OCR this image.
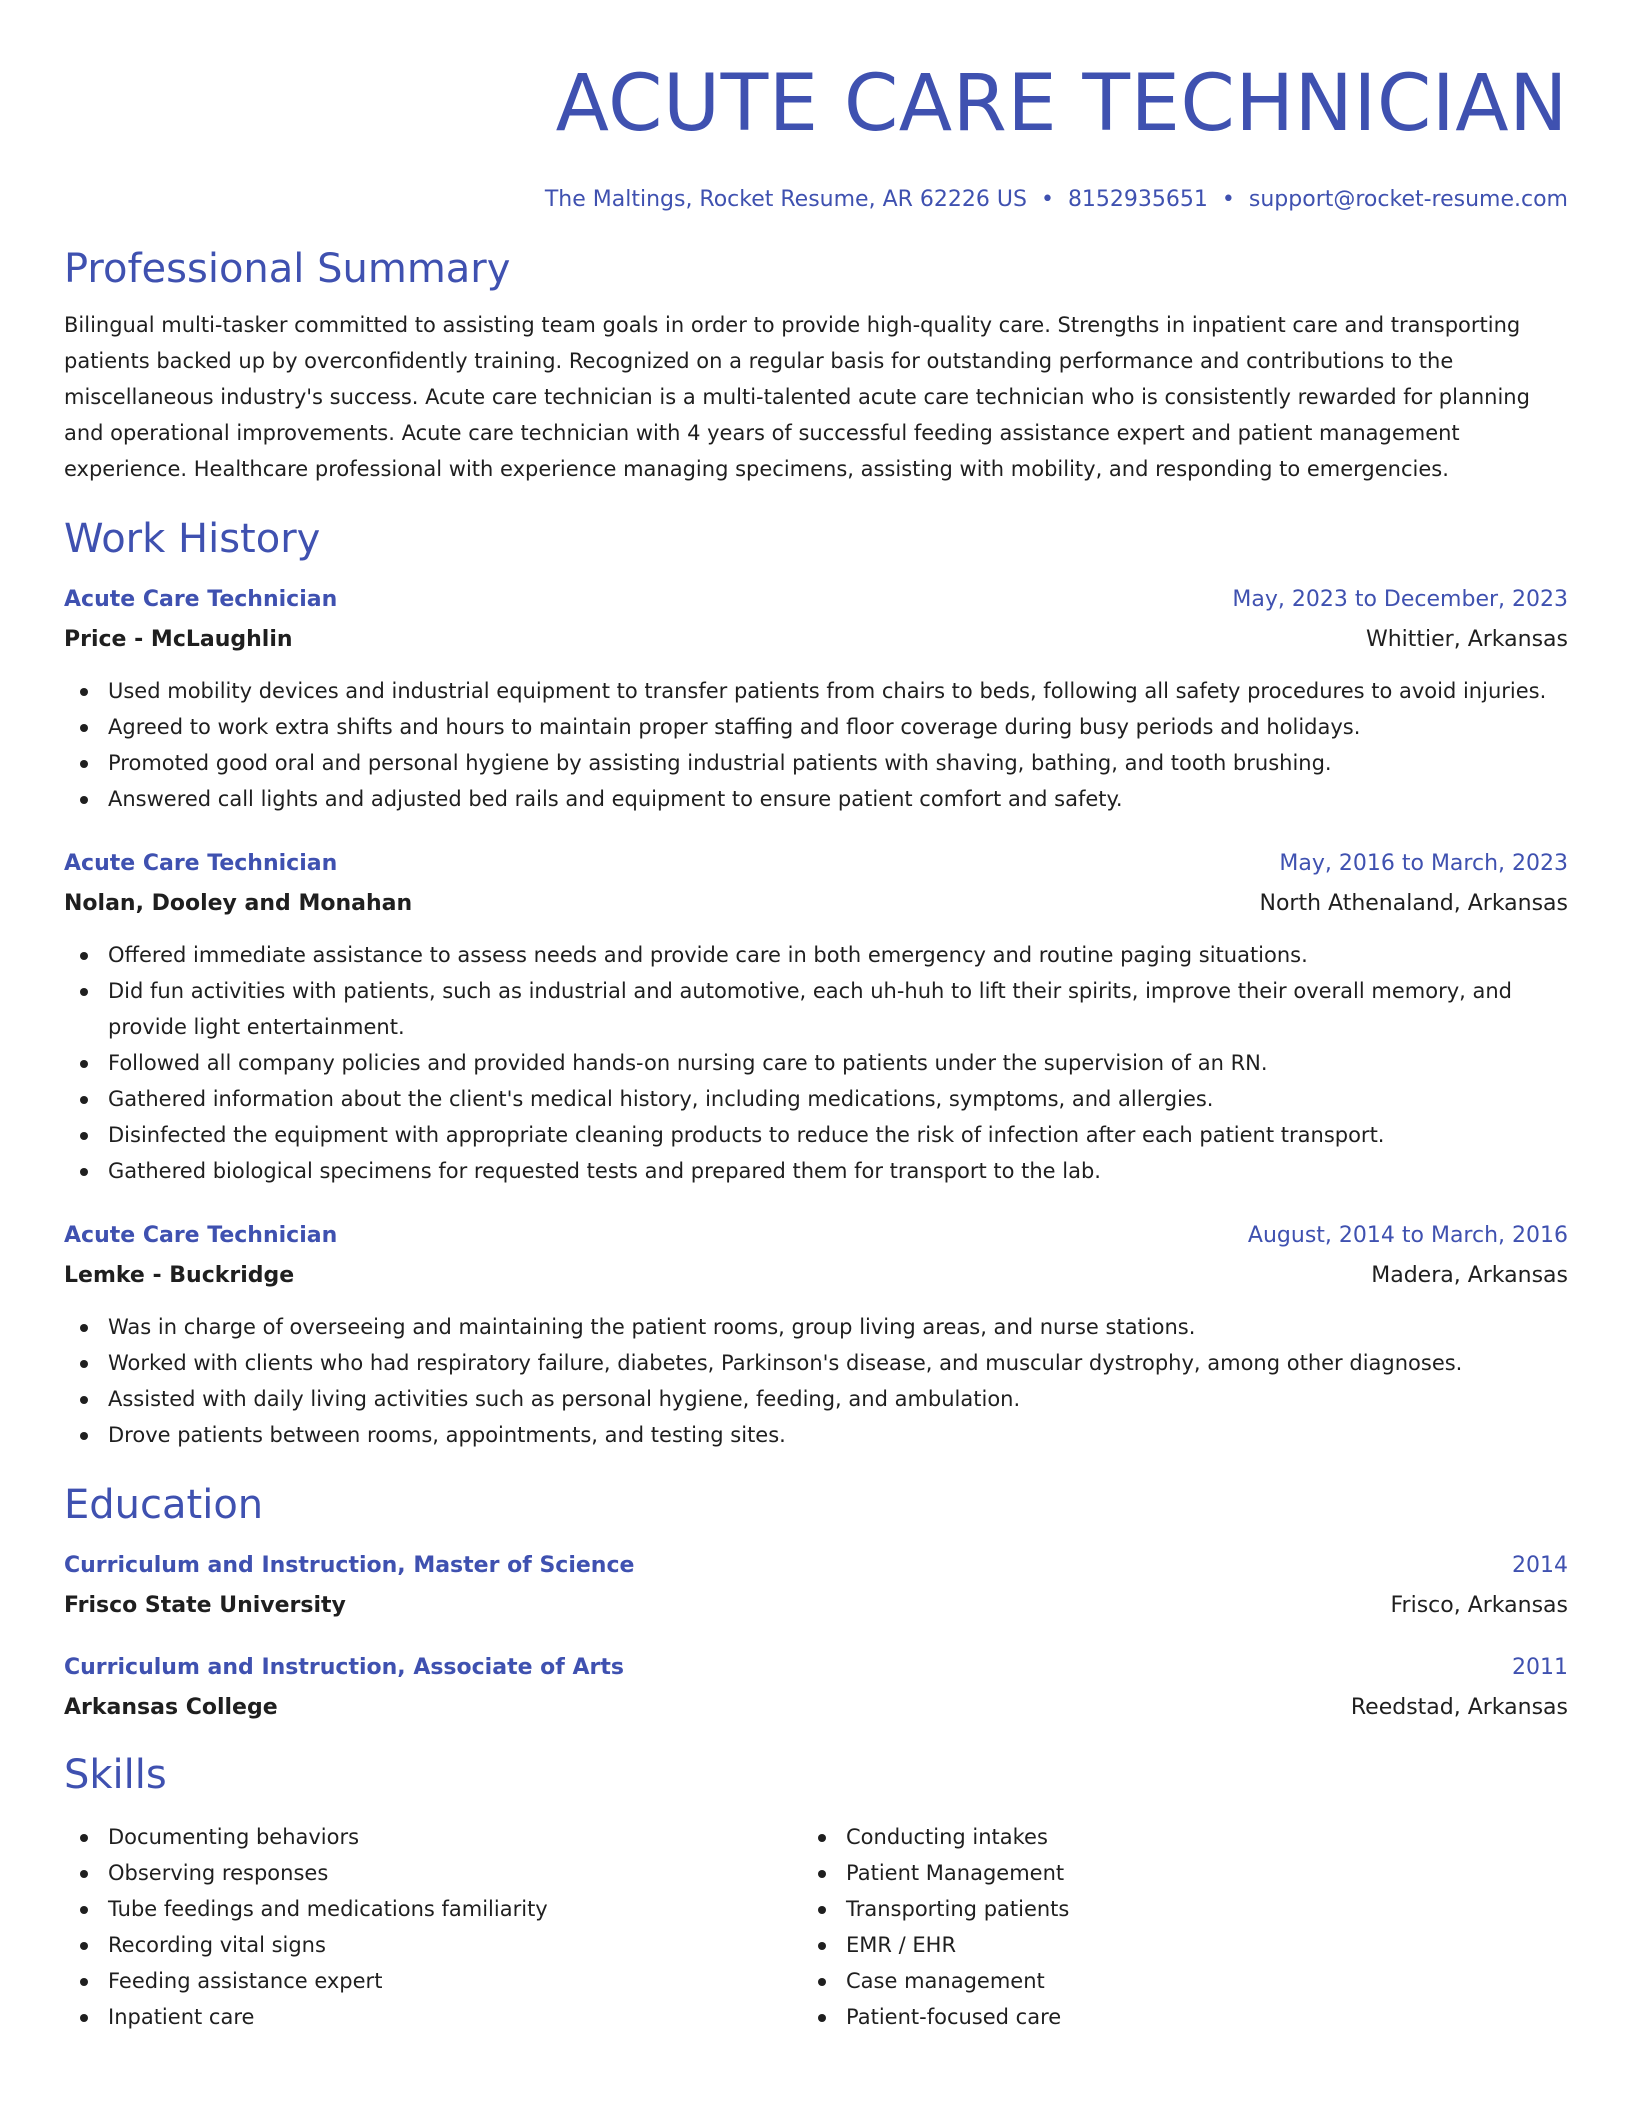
ACUTE CARE TECHNICIAN
The Maltings, Rocket Resume, AR 62226 US • 8152935651 • support@rocket-resume.com
Professional Summary
Bilingual multi-tasker committed to assisting team goals in order to provide high-quality care. Strengths in inpatient care and transporting patients backed up by overconfidently training. Recognized on a regular basis for outstanding performance and contributions to the miscellaneous industry's success. Acute care technician is a multi-talented acute care technician who is consistently rewarded for planning and operational improvements. Acute care technician with 4 years of successful feeding assistance expert and patient management experience. Healthcare professional with experience managing specimens, assisting with mobility, and responding to emergencies.
Work History
Acute Care Technician	May, 2023 to December, 2023
Price - McLaughlin	Whittier, Arkansas
Used mobility devices and industrial equipment to transfer patients from chairs to beds, following all safety procedures to avoid injuries.
Agreed to work extra shifts and hours to maintain proper staffing and floor coverage during busy periods and holidays.
Promoted good oral and personal hygiene by assisting industrial patients with shaving, bathing, and tooth brushing.
Answered call lights and adjusted bed rails and equipment to ensure patient comfort and safety.
Acute Care Technician	May, 2016 to March, 2023
Nolan, Dooley and Monahan	North Athenaland, Arkansas
Offered immediate assistance to assess needs and provide care in both emergency and routine paging situations.
Did fun activities with patients, such as industrial and automotive, each uh-huh to lift their spirits, improve their overall memory, and provide light entertainment.
Followed all company policies and provided hands-on nursing care to patients under the supervision of an RN.
Gathered information about the client's medical history, including medications, symptoms, and allergies.
Disinfected the equipment with appropriate cleaning products to reduce the risk of infection after each patient transport.
Gathered biological specimens for requested tests and prepared them for transport to the lab.
Acute Care Technician	August, 2014 to March, 2016
Lemke - Buckridge	Madera, Arkansas
Was in charge of overseeing and maintaining the patient rooms, group living areas, and nurse stations.
Worked with clients who had respiratory failure, diabetes, Parkinson's disease, and muscular dystrophy, among other diagnoses.
Assisted with daily living activities such as personal hygiene, feeding, and ambulation.
Drove patients between rooms, appointments, and testing sites.
Education
Curriculum and Instruction, Master of Science	2014
Frisco State University	Frisco, Arkansas
Curriculum and Instruction, Associate of Arts	2011
Arkansas College	Reedstad, Arkansas
Skills
Documenting behaviors
Observing responses
Tube feedings and medications familiarity
Recording vital signs
Feeding assistance expert
Inpatient care
Conducting intakes
Patient Management
Transporting patients
EMR / EHR
Case management
Patient-focused care
